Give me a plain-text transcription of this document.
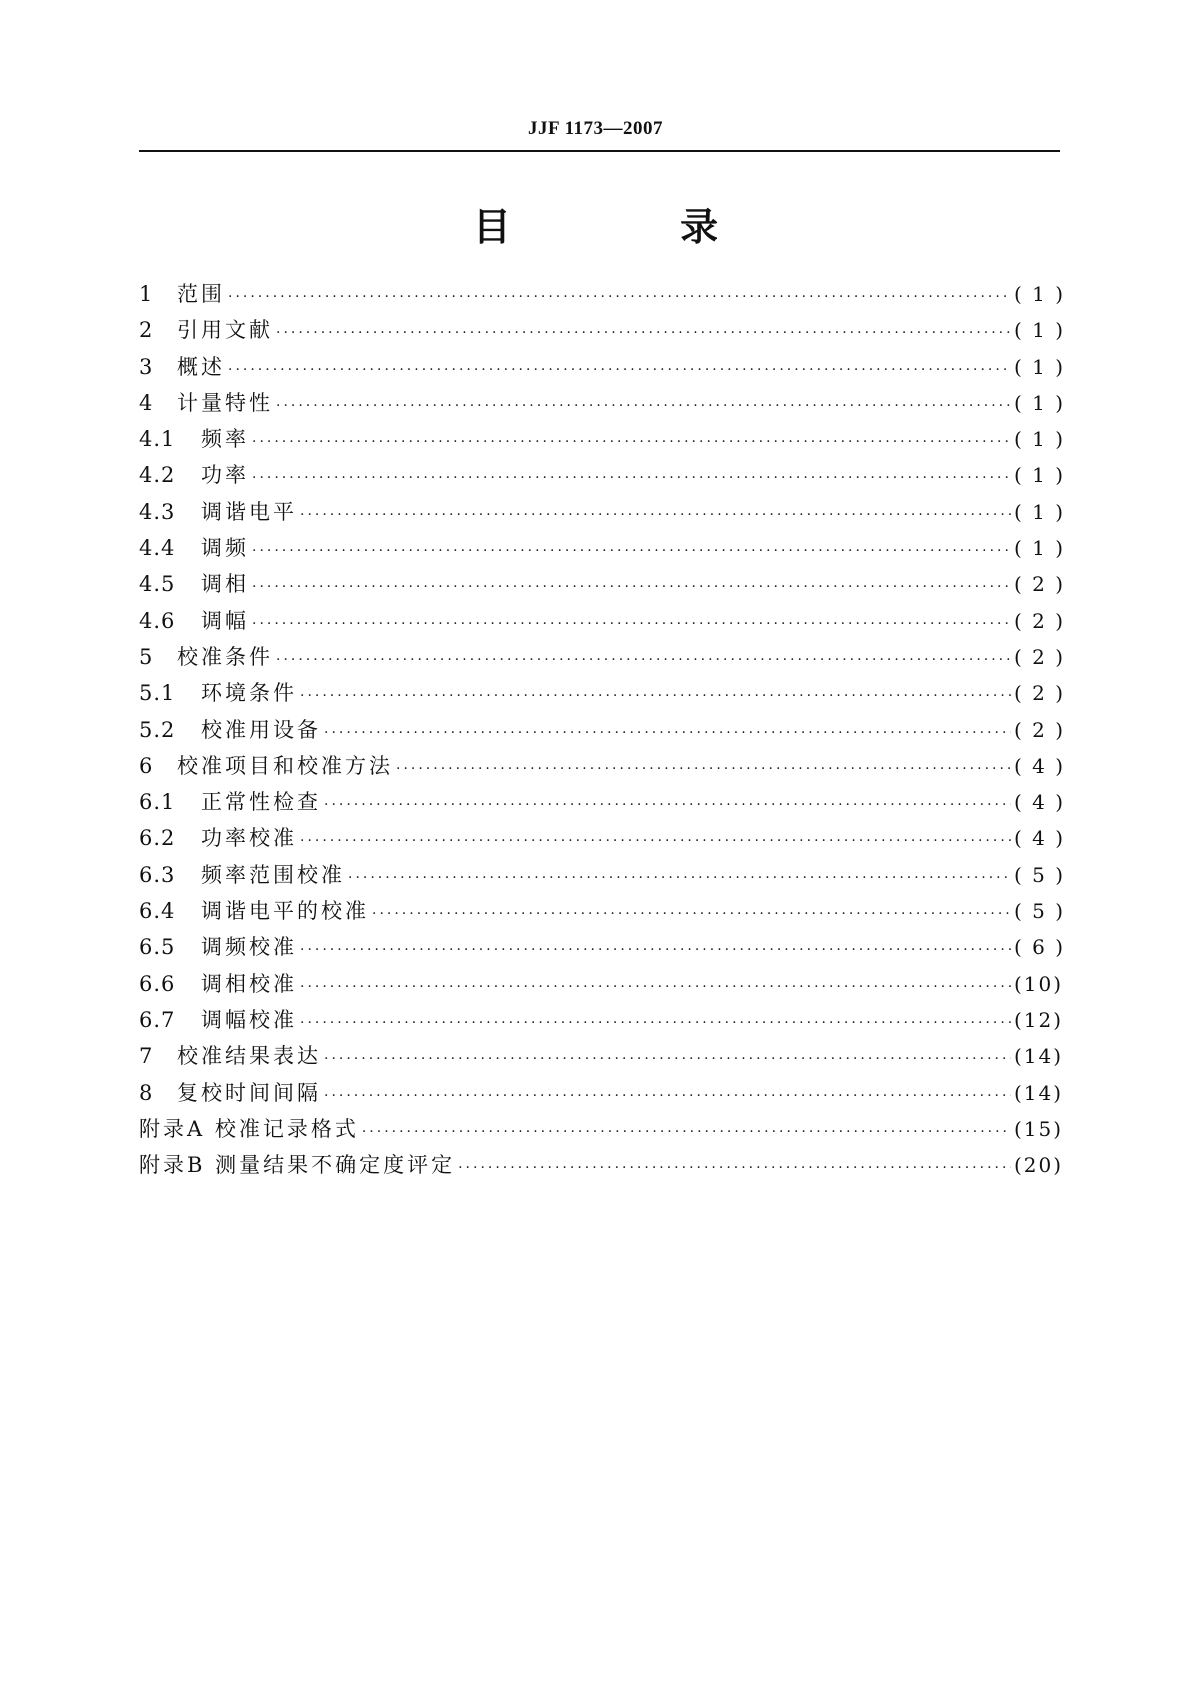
JJF 1173—2007
目 录
1	范围 ·····	( 1 )
2	引用文献 ·····	( 1 )
3	概述 ·····	( 1 )
4	计量特性 ·····	( 1 )
4.1	频率 ·····	( 1 )
4.2	功率 ·····	( 1 )
4.3	调谐电平 ·····	( 1 )
4.4	调频 ·····	( 1 )
4.5	调相 ·····	( 2 )
4.6	调幅 ·····	( 2 )
5	校准条件 ·····	( 2 )
5.1	环境条件 ·····	( 2 )
5.2	校准用设备 ·····	( 2 )
6	校准项目和校准方法 ·····	( 4 )
6.1	正常性检查 ·····	( 4 )
6.2	功率校准 ·····	( 4 )
6.3	频率范围校准 ·····	( 5 )
6.4	调谐电平的校准 ·····	( 5 )
6.5	调频校准 ·····	( 6 )
6.6	调相校准 ·····	(10)
6.7	调幅校准 ·····	(12)
7	校准结果表达 ·····	(14)
8	复校时间间隔 ·····	(14)
附录A 校准记录格式 ·····	(15)
附录B 测量结果不确定度评定 ·····	(20)
